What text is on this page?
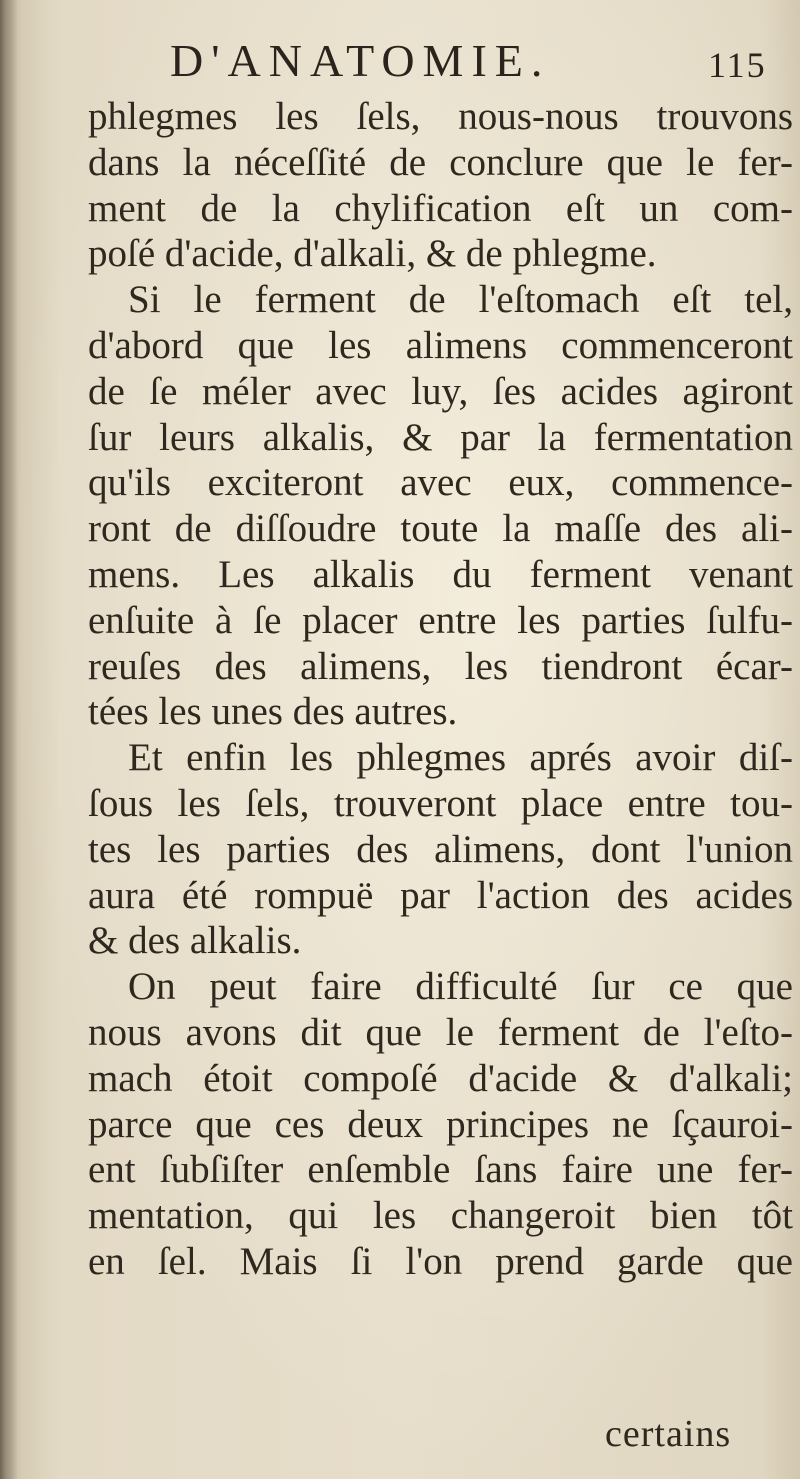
D'ANATOMIE.	115
phlegmes les ſels, nous-nous trouvons
dans la néceſſité de conclure que le fer-
ment de la chylification eſt un com-
poſé d'acide, d'alkali, & de phlegme.
Si le ferment de l'eſtomach eſt tel,
d'abord que les alimens commenceront
de ſe méler avec luy, ſes acides agiront
ſur leurs alkalis, & par la fermentation
qu'ils exciteront avec eux, commence-
ront de diſſoudre toute la maſſe des ali-
mens. Les alkalis du ferment venant
enſuite à ſe placer entre les parties ſulfu-
reuſes des alimens, les tiendront écar-
tées les unes des autres.
Et enfin les phlegmes aprés avoir diſ-
ſous les ſels, trouveront place entre tou-
tes les parties des alimens, dont l'union
aura été rompuë par l'action des acides
& des alkalis.
On peut faire difficulté ſur ce que
nous avons dit que le ferment de l'eſto-
mach étoit compoſé d'acide & d'alkali;
parce que ces deux principes ne ſçauroi-
ent ſubſiſter enſemble ſans faire une fer-
mentation, qui les changeroit bien tôt
en ſel. Mais ſi l'on prend garde que
certains
